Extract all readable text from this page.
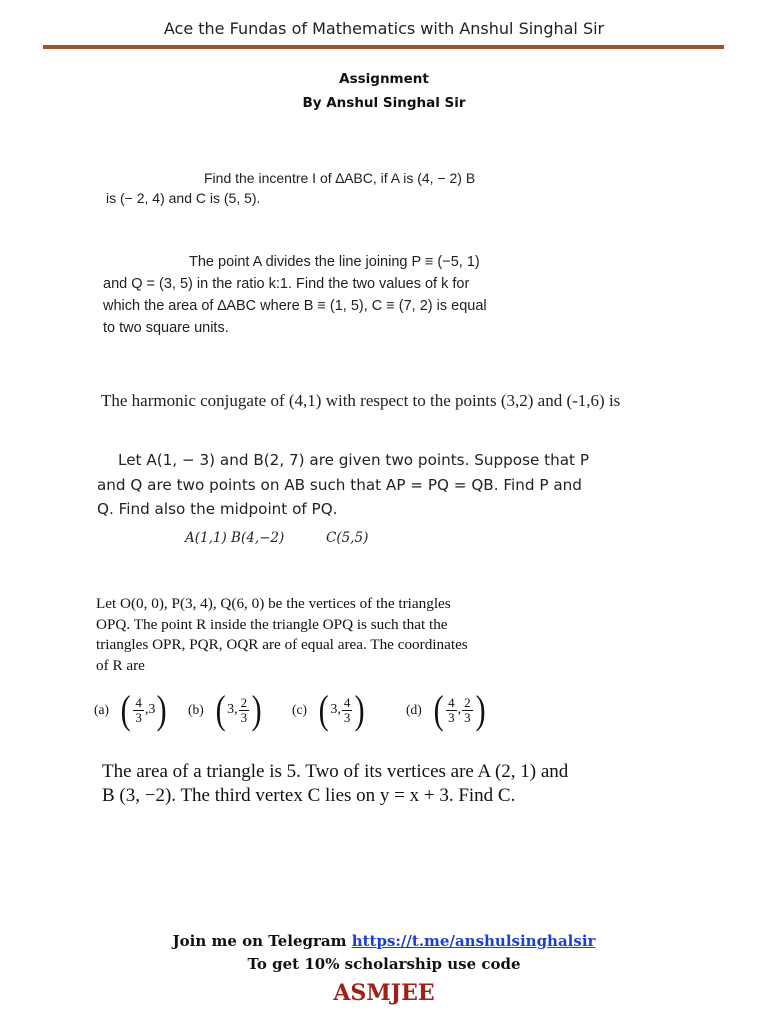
Ace the Fundas of Mathematics with Anshul Singhal Sir
Assignment
By Anshul Singhal Sir
Find the incentre I of ∆ABC, if A is (4, − 2) B
is (− 2, 4) and C is (5, 5).
The point A divides the line joining P ≡ (−5, 1)
and Q = (3, 5) in the ratio k:1. Find the two values of k for
which the area of ∆ABC where B ≡ (1, 5), C ≡ (7, 2) is equal
to two square units.
The harmonic conjugate of (4,1) with respect to the points (3,2) and (-1,6) is
Let A(1, − 3) and B(2, 7) are given two points. Suppose that P
and Q are two points on AB such that AP = PQ = QB. Find P and
Q. Find also the midpoint of PQ.
A(1,1) B(4,−2)	C(5,5)
Let O(0, 0), P(3, 4), Q(6, 0) be the vertices of the triangles
OPQ. The point R inside the triangle OPQ is such that the
triangles OPR, PQR, OQR are of equal area. The coordinates
of R are
(a) ( $\frac{4}{3}$ , 3 ) (b) ( 3 , $\frac{2}{3}$ ) (c) ( 3 , $\frac{4}{3}$ )	(d) ( $\frac{4}{3}$ , $\frac{2}{3}$ )
The area of a triangle is 5. Two of its vertices are A (2, 1) and
B (3, −2). The third vertex C lies on y = x + 3. Find C.
Join me on Telegram https://t.me/anshulsinghalsir
To get 10% scholarship use code
ASMJEE
